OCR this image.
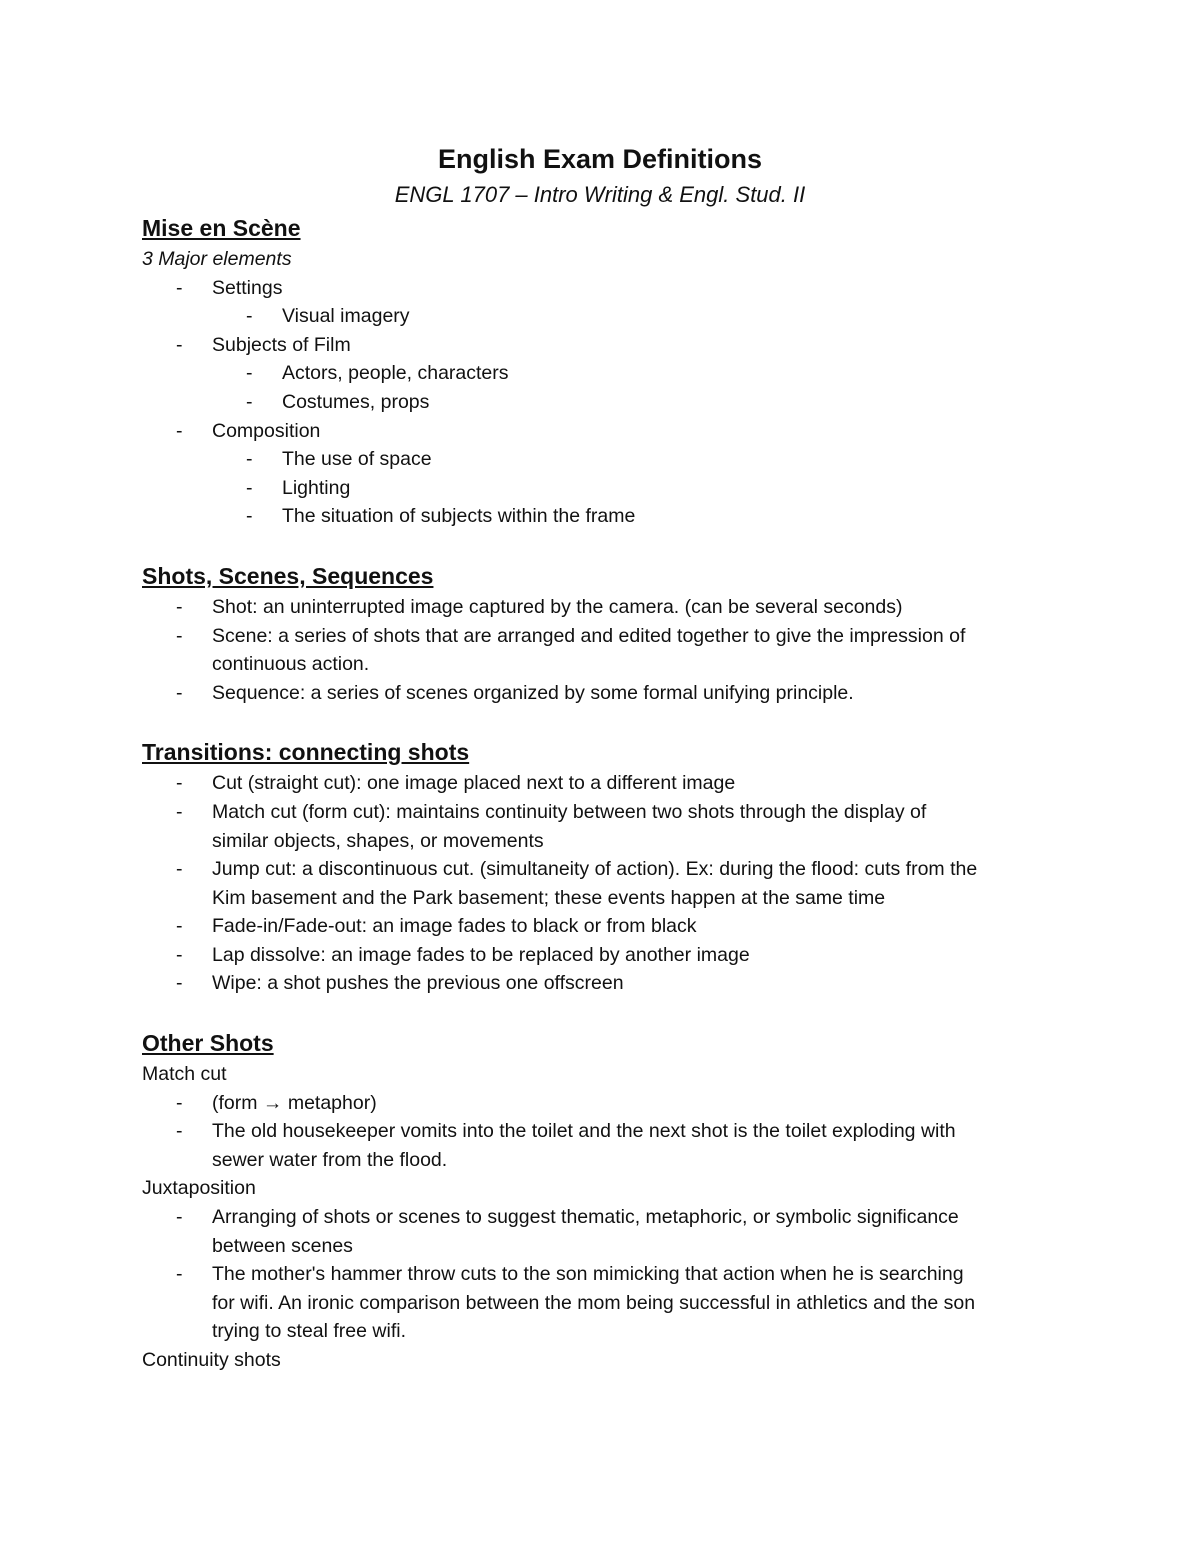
English Exam Definitions
ENGL 1707 – Intro Writing & Engl. Stud. II
Mise en Scène
3 Major elements
-	Settings
-	Visual imagery
-	Subjects of Film
-	Actors, people, characters
-	Costumes, props
-	Composition
-	The use of space
-	Lighting
-	The situation of subjects within the frame
Shots, Scenes, Sequences
-	Shot: an uninterrupted image captured by the camera. (can be several seconds)
-	Scene: a series of shots that are arranged and edited together to give the impression of
continuous action.
-	Sequence: a series of scenes organized by some formal unifying principle.
Transitions: connecting shots
-	Cut (straight cut): one image placed next to a different image
-	Match cut (form cut): maintains continuity between two shots through the display of
similar objects, shapes, or movements
-	Jump cut: a discontinuous cut. (simultaneity of action). Ex: during the flood: cuts from the
Kim basement and the Park basement; these events happen at the same time
-	Fade-in/Fade-out: an image fades to black or from black
-	Lap dissolve: an image fades to be replaced by another image
-	Wipe: a shot pushes the previous one offscreen
Other Shots
Match cut
-	(form → metaphor)
-	The old housekeeper vomits into the toilet and the next shot is the toilet exploding with
sewer water from the flood.
Juxtaposition
-	Arranging of shots or scenes to suggest thematic, metaphoric, or symbolic significance
between scenes
-	The mother's hammer throw cuts to the son mimicking that action when he is searching
for wifi. An ironic comparison between the mom being successful in athletics and the son
trying to steal free wifi.
Continuity shots
